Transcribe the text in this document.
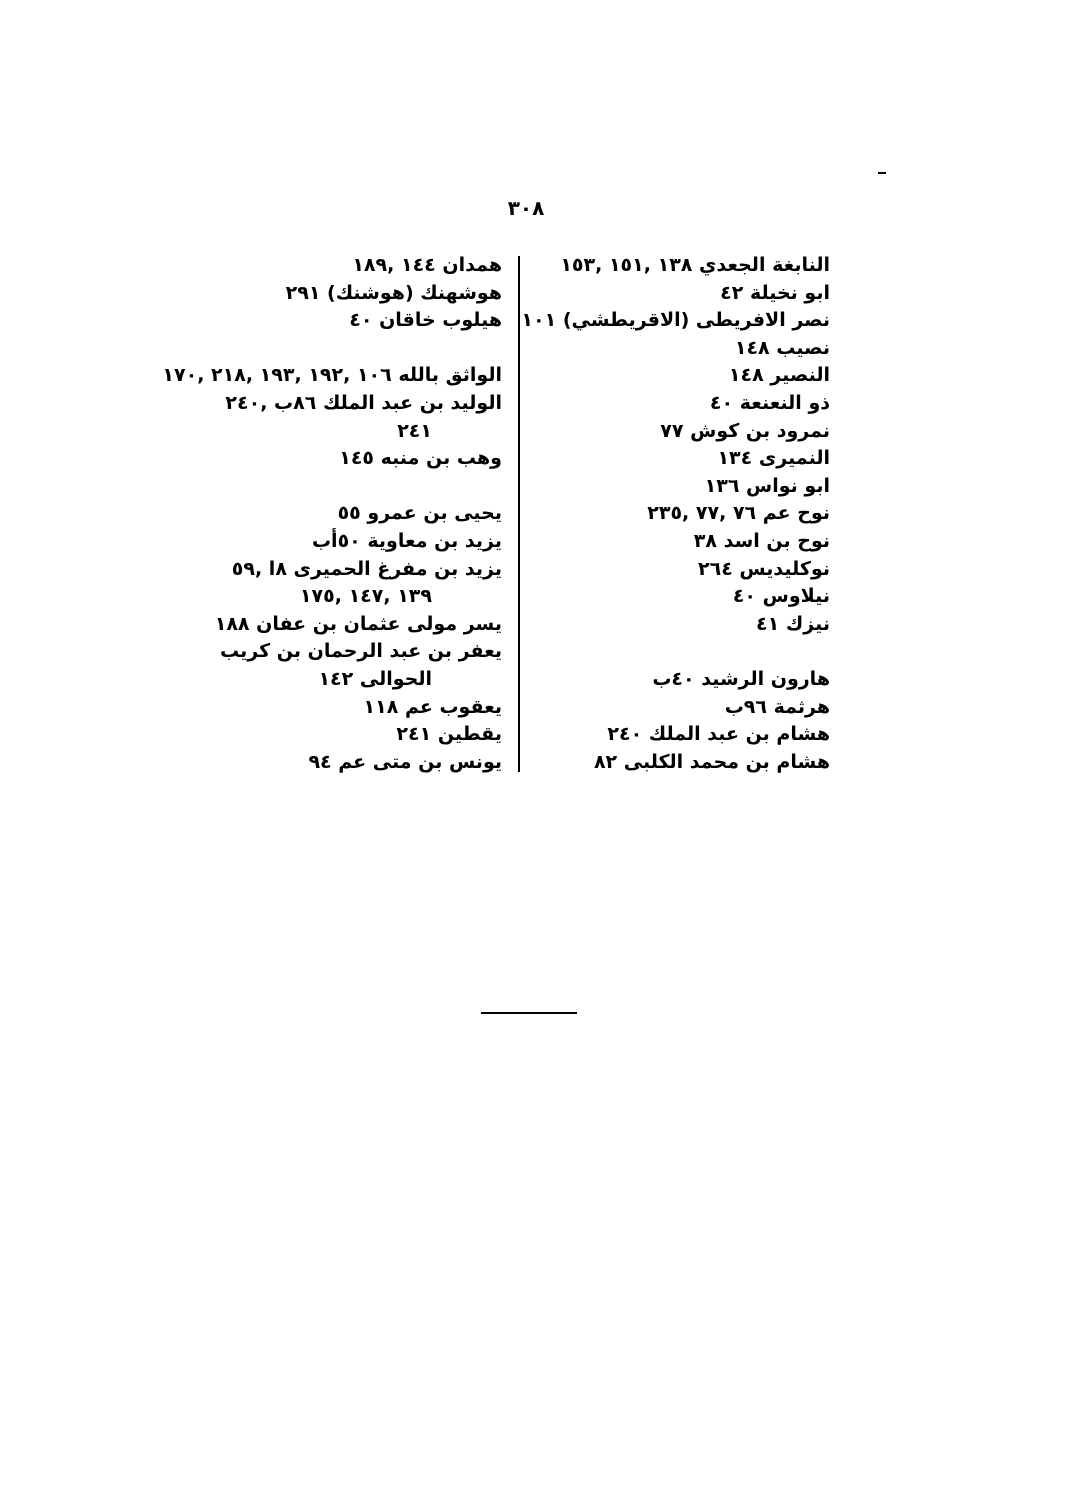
٣٠٨
النابغة الجعدي ١٣٨ ,١٥١ ,١٥٣
ابو نخيلة ٤٢
نصر الافريطى (الاقريطشي) ١٠١
نصيب ١٤٨
النصير ١٤٨
ذو النعنعة ٤٠
نمرود بن كوش ٧٧
النميرى ١٣٤
ابو نواس ١٣٦
نوح عم ٧٦ ,٧٧ ,٢٣٥
نوح بن اسد ٣٨
نوكليديس ٢٦٤
نيلاوس ٤٠
نيزك ٤١
هارون الرشيد ٤٠ب
هرثمة ٩٦ب
هشام بن عبد الملك ٢٤٠
هشام بن محمد الكلبى ٨٢
همدان ١٤٤ ,١٨٩
هوشهنك (هوشنك) ٢٩١
هيلوب خاقان ٤٠
الواثق بالله ١٠٦ ,١٩٢ ,١٩٣ ,٢١٨ ,١٧٠
الوليد بن عبد الملك ٨٦ب ,٢٤٠
٢٤١
وهب بن منبه ١٤٥
يحيى بن عمرو ٥٥
يزيد بن معاوية ٥٠أب
يزيد بن مفرغ الحميرى ٨ا ,٥٩
١٣٩ ,١٤٧ ,١٧٥
يسر مولى عثمان بن عفان ١٨٨
يعفر بن عبد الرحمان بن كريب
الحوالى ١٤٢
يعقوب عم ١١٨
يقطين ٢٤١
يونس بن متى عم ٩٤
